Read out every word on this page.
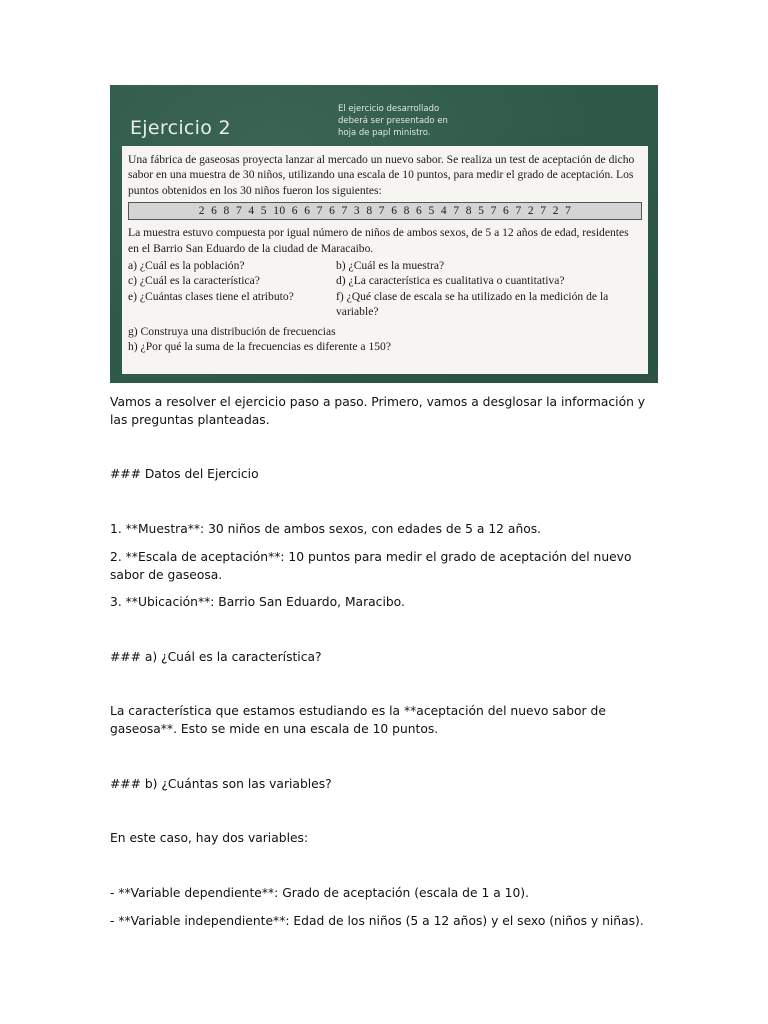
Ejercicio 2
El ejercicio desarrollado
deberá ser presentado en
hoja de papl ministro.

Una fábrica de gaseosas proyecta lanzar al mercado un nuevo sabor. Se realiza un test de aceptación de dicho sabor en una muestra de 30 niños, utilizando una escala de 10 puntos, para medir el grado de aceptación. Los puntos obtenidos en los 30 niños fueron los siguientes:

2 6 8 7 4 5 10 6 6 7 6 7 3 8 7 6 8 6 5 4 7 8 5 7 6 7 2 7 2 7

La muestra estuvo compuesta por igual número de niños de ambos sexos, de 5 a 12 años de edad, residentes en el Barrio San Eduardo de la ciudad de Maracaibo.

a) ¿Cuál es la población?	b) ¿Cuál es la muestra?
c) ¿Cuál es la característica?	d) ¿La característica es cualitativa o cuantitativa?
e) ¿Cuántas clases tiene el atributo?	f) ¿Qué clase de escala se ha utilizado en la medición de la variable?

g) Construya una distribución de frecuencias

h) ¿Por qué la suma de la frecuencias es diferente a 150?

Vamos a resolver el ejercicio paso a paso. Primero, vamos a desglosar la información y las preguntas planteadas.

### Datos del Ejercicio

1. **Muestra**: 30 niños de ambos sexos, con edades de 5 a 12 años.

2. **Escala de aceptación**: 10 puntos para medir el grado de aceptación del nuevo sabor de gaseosa.

3. **Ubicación**: Barrio San Eduardo, Maracibo.

### a) ¿Cuál es la característica?

La característica que estamos estudiando es la **aceptación del nuevo sabor de gaseosa**. Esto se mide en una escala de 10 puntos.

### b) ¿Cuántas son las variables?

En este caso, hay dos variables:

- **Variable dependiente**: Grado de aceptación (escala de 1 a 10).

- **Variable independiente**: Edad de los niños (5 a 12 años) y el sexo (niños y niñas).
